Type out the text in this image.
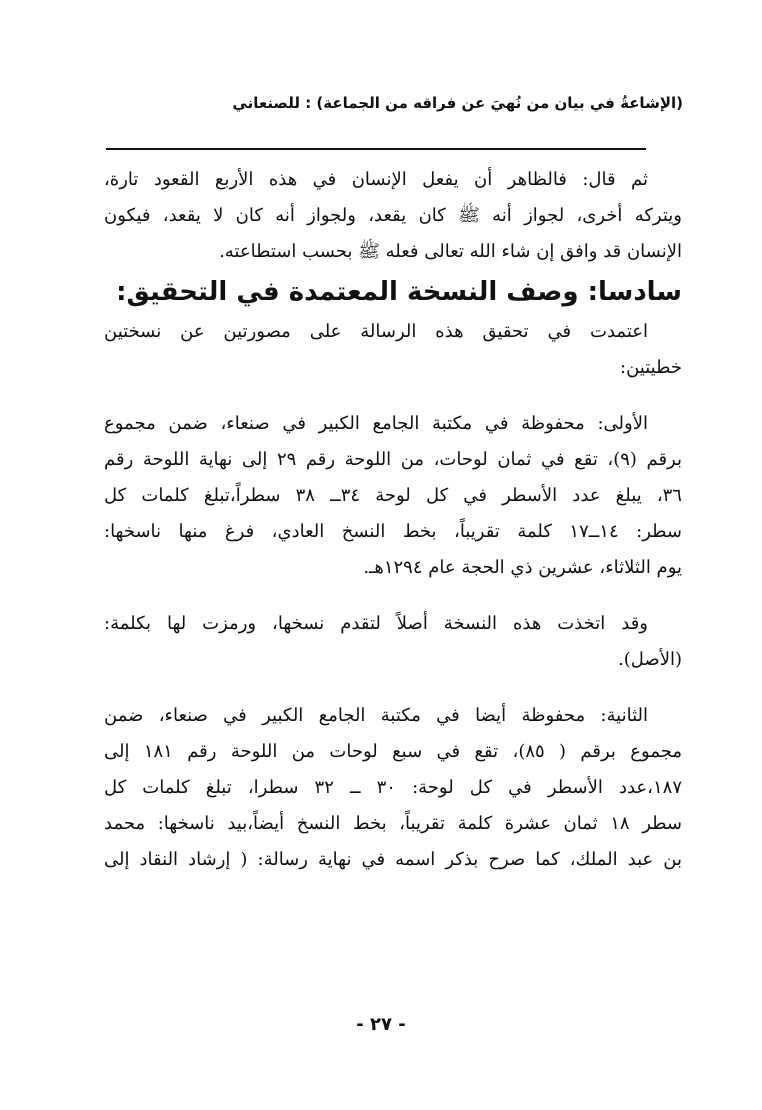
(الإشاعةُ في بيان من نُهيَ عن فراقه من الجماعة) : للصنعاني
ثم قال: فالظاهر أن يفعل الإنسان في هذه الأربع القعود تارة،
ويتركه أخرى، لجواز أنه ﷺ كان يقعد، ولجواز أنه كان لا يقعد، فيكون
الإنسان قد وافق إن شاء الله تعالى فعله ﷺ بحسب استطاعته.
سادسا: وصف النسخة المعتمدة في التحقيق:
اعتمدت في تحقيق هذه الرسالة على مصورتين عن نسختين
خطيتين:
الأولى: محفوظة في مكتبة الجامع الكبير في صنعاء، ضمن مجموع
برقم (٩)، تقع في ثمان لوحات، من اللوحة رقم ٢٩ إلى نهاية اللوحة رقم
٣٦، يبلغ عدد الأسطر في كل لوحة ٣٤ــ ٣٨ سطراً،تبلغ كلمات كل
سطر: ١٤ــ١٧ كلمة تقريباً، بخط النسخ العادي، فرغ منها ناسخها:
يوم الثلاثاء، عشرين ذي الحجة عام ١٢٩٤هـ.
وقد اتخذت هذه النسخة أصلاً لتقدم نسخها، ورمزت لها بكلمة:
(الأصل).
الثانية: محفوظة أيضا في مكتبة الجامع الكبير في صنعاء، ضمن
مجموع برقم ( ٨٥)، تقع في سبع لوحات من اللوحة رقم ١٨١ إلى
١٨٧،عدد الأسطر في كل لوحة: ٣٠ ــ ٣٢ سطرا، تبلغ كلمات كل
سطر ١٨ ثمان عشرة كلمة تقريباً، بخط النسخ أيضاً،بيد ناسخها: محمد
بن عبد الملك، كما صرح بذكر اسمه في نهاية رسالة: ( إرشاد النقاد إلى
- ٢٧ -
